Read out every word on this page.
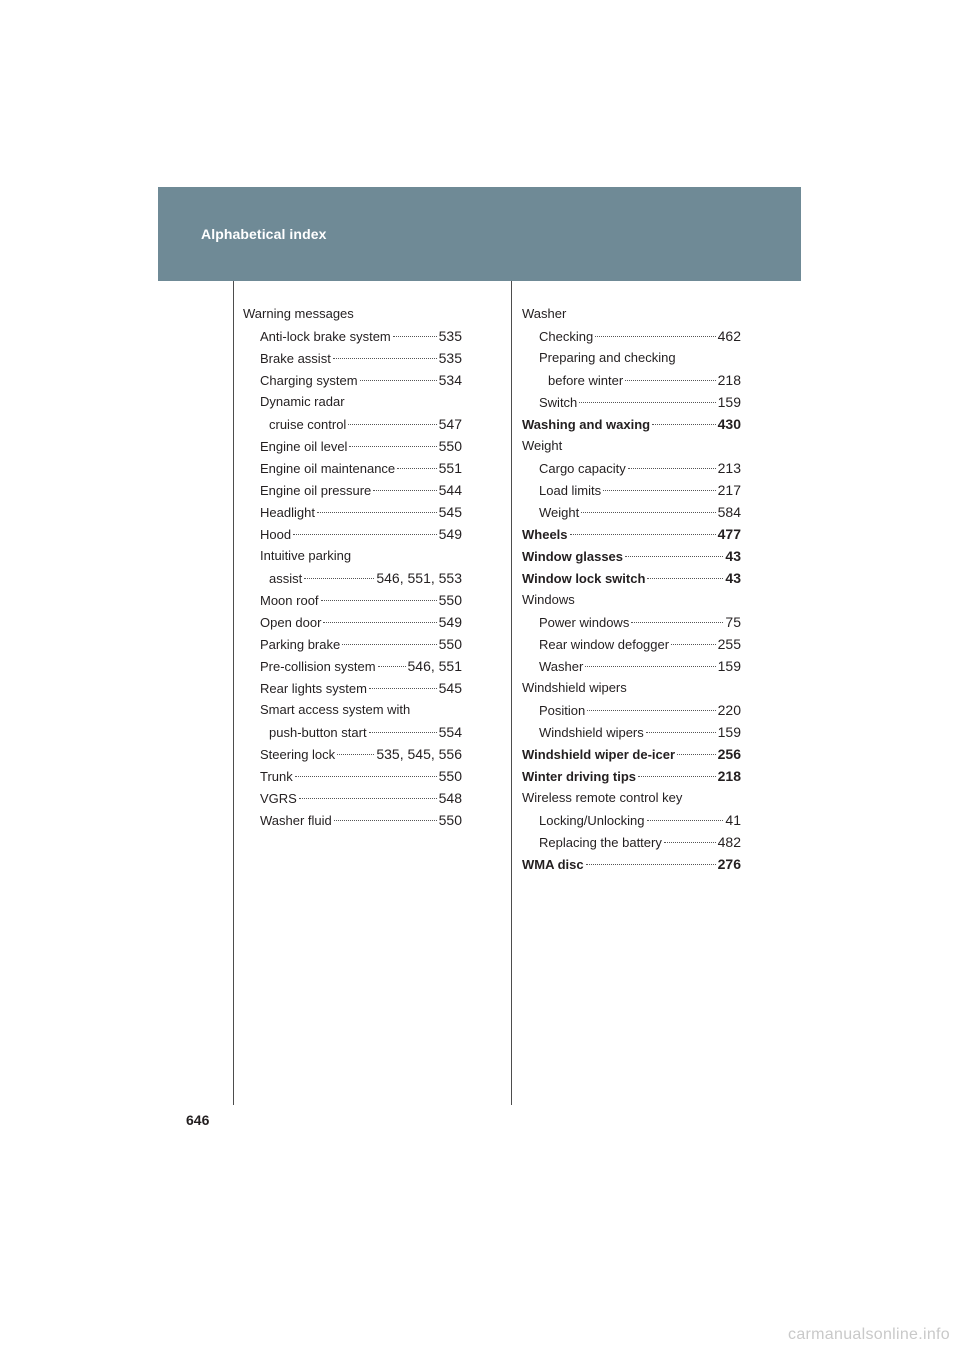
Alphabetical index
Warning messages
Anti-lock brake system	535
Brake assist	535
Charging system	534
Dynamic radar
cruise control	547
Engine oil level	550
Engine oil maintenance	551
Engine oil pressure	544
Headlight	545
Hood	549
Intuitive parking
assist	546, 551, 553
Moon roof	550
Open door	549
Parking brake	550
Pre-collision system 546, 551
Rear lights system	545
Smart access system with
push-button start	554
Steering lock	535, 545, 556
Trunk	550
VGRS	548
Washer fluid	550
Washer
Checking	462
Preparing and checking
before winter	218
Switch	159
Washing and waxing	430
Weight
Cargo capacity	213
Load limits	217
Weight	584
Wheels	477
Window glasses	43
Window lock switch	43
Windows
Power windows	75
Rear window defogger	255
Washer	159
Windshield wipers
Position	220
Windshield wipers	159
Windshield wiper de-icer	256
Winter driving tips	218
Wireless remote control key
Locking/Unlocking	41
Replacing the battery	482
WMA disc	276
646
carmanualsonline.info
